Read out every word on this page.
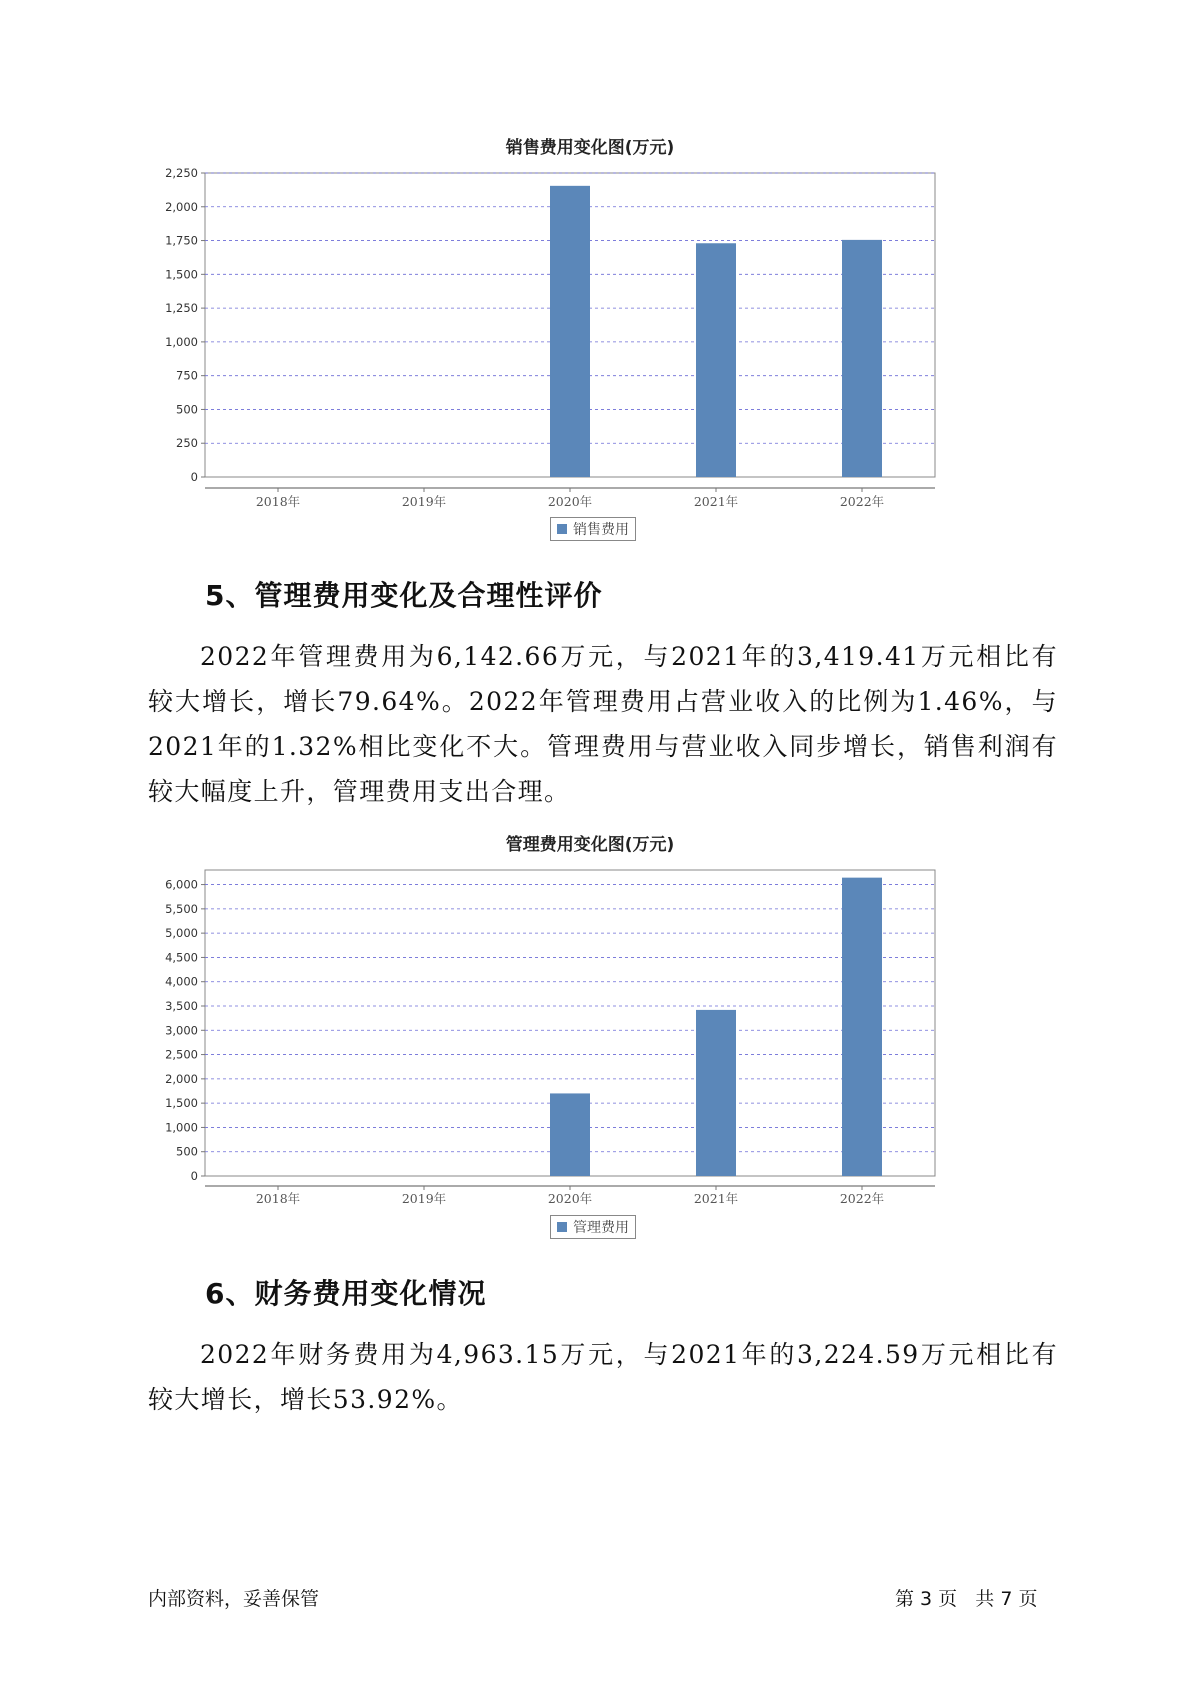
销售费用变化图(万元)
0
250
500
750
1,000
1,250
1,500
1,750
2,000
2,250
2018年	2019年	2020年	2021年	2022年
销售费用
5、管理费用变化及合理性评价
2022年管理费用为6,142.66万元，与2021年的3,419.41万元相比有较大增长，增长79.64%。2022年管理费用占营业收入的比例为1.46%，与2021年的1.32%相比变化不大。管理费用与营业收入同步增长，销售利润有较大幅度上升，管理费用支出合理。
管理费用变化图(万元)
0
500
1,000
1,500
2,000
2,500
3,000
3,500
4,000
4,500
5,000
5,500
6,000
2018年	2019年	2020年	2021年	2022年
管理费用
6、财务费用变化情况
2022年财务费用为4,963.15万元，与2021年的3,224.59万元相比有较大增长，增长53.92%。
内部资料，妥善保管	第 3 页   共 7 页
